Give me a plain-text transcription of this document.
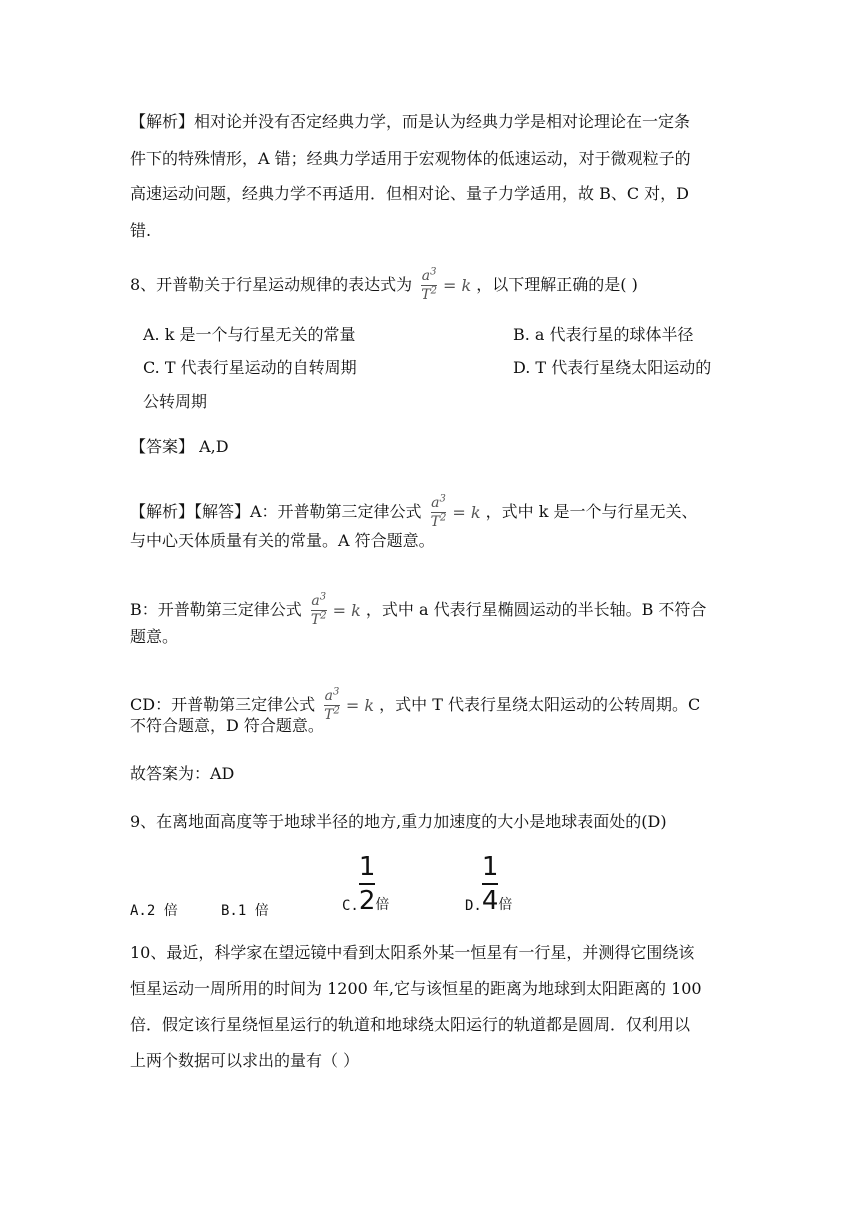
【解析】相对论并没有否定经典力学，而是认为经典力学是相对论理论在一定条
件下的特殊情形，A 错；经典力学适用于宏观物体的低速运动，对于微观粒子的
高速运动问题，经典力学不再适用．但相对论、量子力学适用，故 B、C 对，D
错.
8、开普勒关于行星运动规律的表达式为 $\frac{a^3}{T^2} = k$ ，以下理解正确的是( )
A. k 是一个与行星无关的常量	B. a 代表行星的球体半径
C. T 代表行星运动的自转周期	D. T 代表行星绕太阳运动的
公转周期
【答案】 A,D
【解析】【解答】A：开普勒第三定律公式 $\frac{a^3}{T^2} = k$ ，式中 k 是一个与行星无关、
与中心天体质量有关的常量。A 符合题意。
B：开普勒第三定律公式 $\frac{a^3}{T^2} = k$ ，式中 a 代表行星椭圆运动的半长轴。B 不符合
题意。
CD：开普勒第三定律公式 $\frac{a^3}{T^2} = k$ ，式中 T 代表行星绕太阳运动的公转周期。C
不符合题意，D 符合题意。
故答案为：AD
9、在离地面高度等于地球半径的地方,重力加速度的大小是地球表面处的(D)
A.2 倍	B.1 倍	C. $\frac{1}{2}$ 倍	D. $\frac{1}{4}$ 倍
10、最近，科学家在望远镜中看到太阳系外某一恒星有一行星，并测得它围绕该
恒星运动一周所用的时间为 1200 年,它与该恒星的距离为地球到太阳距离的 100
倍．假定该行星绕恒星运行的轨道和地球绕太阳运行的轨道都是圆周．仅利用以
上两个数据可以求出的量有（ ）
